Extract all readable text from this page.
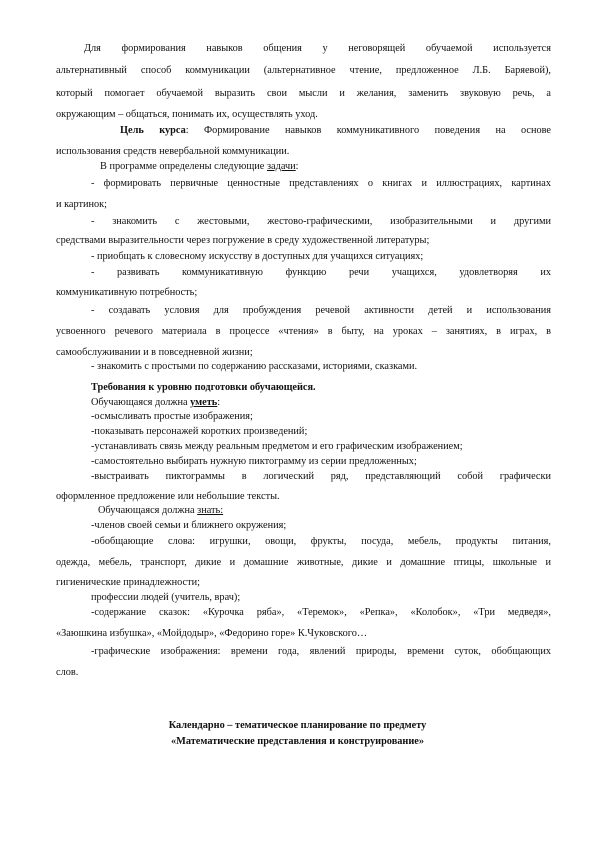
Для формирования навыков общения у неговорящей обучаемой используется
альтернативный способ коммуникации (альтернативное чтение, предложенное Л.Б. Баряевой),
который помогает обучаемой выразить свои мысли и желания, заменить звуковую речь, а
окружающим – общаться, понимать их, осуществлять уход.
Цель курса: Формирование навыков коммуникативного поведения на основе
использования средств невербальной коммуникации.
В программе определены следующие задачи:
- формировать первичные ценностные представлениях о книгах и иллюстрациях, картинах
и картинок;
- знакомить с жестовыми, жестово-графическими, изобразительными и другими
средствами выразительности через погружение в среду художественной литературы;
- приобщать к словесному искусству в доступных для учащихся ситуациях;
- развивать коммуникативную функцию речи учащихся, удовлетворяя их
коммуникативную потребность;
- создавать условия для пробуждения речевой активности детей и использования
усвоенного речевого материала в процессе «чтения» в быту, на уроках – занятиях, в играх, в
самообслуживании и в повседневной жизни;
- знакомить с простыми по содержанию рассказами, историями, сказками.
Требования к уровню подготовки обучающейся.
Обучающаяся должна уметь:
-осмысливать простые изображения;
-показывать персонажей коротких произведений;
-устанавливать связь между реальным предметом и его графическим изображением;
-самостоятельно выбирать нужную пиктограмму из серии предложенных;
-выстраивать пиктограммы в логический ряд, представляющий собой графически
оформленное предложение или небольшие тексты.
Обучающаяся должна знать:
-членов своей семьи и ближнего окружения;
-обобщающие слова: игрушки, овощи, фрукты, посуда, мебель, продукты питания,
одежда, мебель, транспорт, дикие и домашние животные, дикие и домашние птицы, школьные и
гигиенические принадлежности;
профессии людей (учитель, врач);
-содержание сказок: «Курочка ряба», «Теремок», «Репка», «Колобок», «Три медведя»,
«Заюшкина избушка», «Мойдодыр», «Федорино горе» К.Чуковского…
-графические изображения: времени года, явлений природы, времени суток, обобщающих
слов.
Календарно – тематическое планирование по предмету
«Математические представления и конструирование»
